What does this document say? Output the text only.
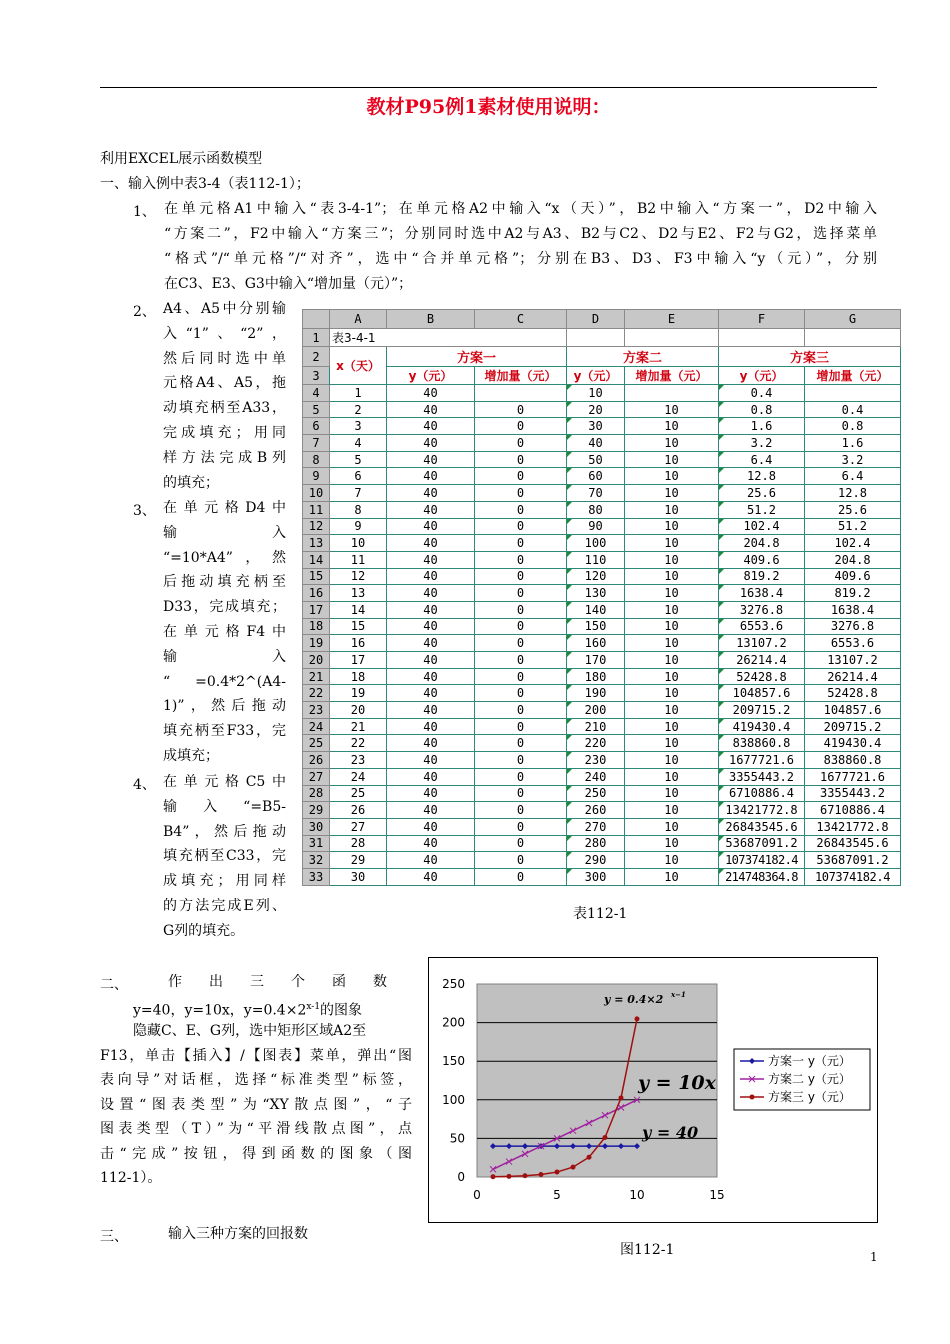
教材P95例1素材使用说明：
利用EXCEL展示函数模型
一、输入例中表3-4（表112-1）；
1、 在单元格A1中输入“表3-4-1”；在单元格A2中输入“x（天）”，B2中输入“方案一”，D2中输入
“方案二”，F2中输入“方案三”；分别同时选中A2与A3、B2与C2、D2与E2、F2与G2，选择菜单
“格式”/“单元格”/“对齐”，选中“合并单元格”；分别在B3、D3、F3中输入“y（元）”，分别
在C3、E3、G3中输入“增加量（元）”；
2、 A4、A5中分别输
入“1”、“2”，
然后同时选中单
元格A4、A5，拖
动填充柄至A33，
完成填充；用同
样方法完成B列
的填充；
3、 在单元格D4中
输　　　　入
“=10*A4”，然
后拖动填充柄至
D33，完成填充；
在单元格F4中
输　　　　入
“　=0.4*2^(A4-
1)”，然后拖动
填充柄至F33，完
成填充；
4、 在单元格C5中
输入“=B5-
B4”，然后拖动
填充柄至C33，完
成填充；用同样
的方法完成E列、
G列的填充。
	A	B	C	D	E	F	G
1	表3-4-1						
2	x（天）	方案一		方案二		方案三	
3		y（元）	增加量（元）	y（元）	增加量（元）	y（元）	增加量（元）
4	1	40		10		0.4	
5	2	40	0	20	10	0.8	0.4
6	3	40	0	30	10	1.6	0.8
7	4	40	0	40	10	3.2	1.6
8	5	40	0	50	10	6.4	3.2
9	6	40	0	60	10	12.8	6.4
10	7	40	0	70	10	25.6	12.8
11	8	40	0	80	10	51.2	25.6
12	9	40	0	90	10	102.4	51.2
13	10	40	0	100	10	204.8	102.4
14	11	40	0	110	10	409.6	204.8
15	12	40	0	120	10	819.2	409.6
16	13	40	0	130	10	1638.4	819.2
17	14	40	0	140	10	3276.8	1638.4
18	15	40	0	150	10	6553.6	3276.8
19	16	40	0	160	10	13107.2	6553.6
20	17	40	0	170	10	26214.4	13107.2
21	18	40	0	180	10	52428.8	26214.4
22	19	40	0	190	10	104857.6	52428.8
23	20	40	0	200	10	209715.2	104857.6
24	21	40	0	210	10	419430.4	209715.2
25	22	40	0	220	10	838860.8	419430.4
26	23	40	0	230	10	1677721.6	838860.8
27	24	40	0	240	10	3355443.2	1677721.6
28	25	40	0	250	10	6710886.4	3355443.2
29	26	40	0	260	10	13421772.8	6710886.4
30	27	40	0	270	10	26843545.6	13421772.8
31	28	40	0	280	10	53687091.2	26843545.6
32	29	40	0	290	10	107374182.4	53687091.2
33	30	40	0	300	10	214748364.8	107374182.4
表112-1
二、	作出三个函数
y=40，y=10x，$y=0.4\times 2^{x-1}$的图象
隐藏C、E、G列，选中矩形区域A2至
F13，单击【插入】/【图表】菜单，弹出“图
表向导”对话框，选择“标准类型”标签，
设置“图表类型”为“XY散点图”，“子
图表类型（T）”为“平滑线散点图”，点
击“完成”按钮，得到函数的图象（图
112-1）。
三、	输入三种方案的回报数
0
50
100
150
200
250
0	5	10	15
方案一 y（元）
方案二 y（元）
方案三 y（元）
y = 0.4×2 x−1
y = 10x
y = 40
图112-1	1
